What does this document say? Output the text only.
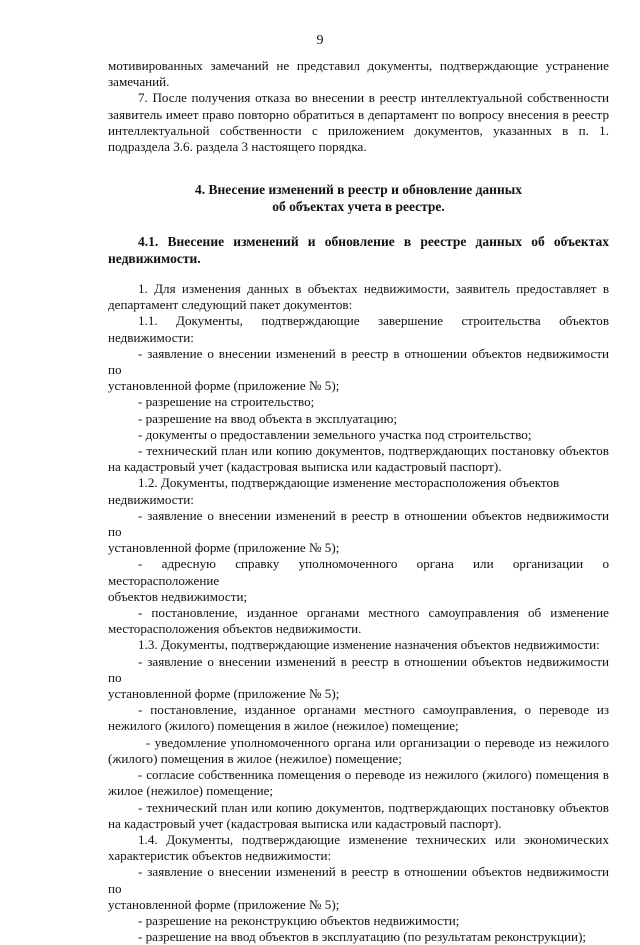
9

мотивированных замечаний не представил документы, подтверждающие устранение

замечаний.

7. После получения отказа во внесении в реестр интеллектуальной собственности

заявитель имеет право повторно обратиться в департамент по вопросу внесения в реестр

интеллектуальной собственности с приложением документов, указанных в п. 1.

подраздела 3.6. раздела 3 настоящего порядка.

4. Внесение изменений в реестр и обновление данных
об объектах учета в реестре.
4.1. Внесение изменений и обновление в реестре данных об объектах
недвижимости.

1. Для изменения данных в объектах недвижимости, заявитель предоставляет в

департамент следующий пакет документов:

1.1. Документы, подтверждающие завершение строительства объектов

недвижимости:

- заявление о внесении изменений в реестр в отношении объектов недвижимости по

установленной форме (приложение № 5);

- разрешение на строительство;

- разрешение на ввод объекта в эксплуатацию;

- документы о предоставлении земельного участка под строительство;

- технический план или копию документов, подтверждающих постановку объектов

на кадастровый учет (кадастровая выписка или кадастровый паспорт).

1.2. Документы, подтверждающие изменение месторасположения объектов

недвижимости:

- заявление о внесении изменений в реестр в отношении объектов недвижимости по

установленной форме (приложение № 5);

- адресную справку уполномоченного органа или организации о месторасположение

объектов недвижимости;

- постановление, изданное органами местного самоуправления об изменение

месторасположения объектов недвижимости.

1.3. Документы, подтверждающие изменение назначения объектов недвижимости:

- заявление о внесении изменений в реестр в отношении объектов недвижимости по

установленной форме (приложение № 5);

- постановление, изданное органами местного самоуправления, о переводе из

нежилого (жилого) помещения в жилое (нежилое) помещение;

- уведомление уполномоченного органа или организации о переводе из нежилого

(жилого) помещения в жилое (нежилое) помещение;

- согласие собственника помещения о переводе из нежилого (жилого) помещения в

жилое (нежилое) помещение;

- технический план или копию документов, подтверждающих постановку объектов

на кадастровый учет (кадастровая выписка или кадастровый паспорт).

1.4. Документы, подтверждающие изменение технических или экономических

характеристик объектов недвижимости:

- заявление о внесении изменений в реестр в отношении объектов недвижимости по

установленной форме (приложение № 5);

- разрешение на реконструкцию объектов недвижимости;

- разрешение на ввод объектов в эксплуатацию (по результатам реконструкции);
